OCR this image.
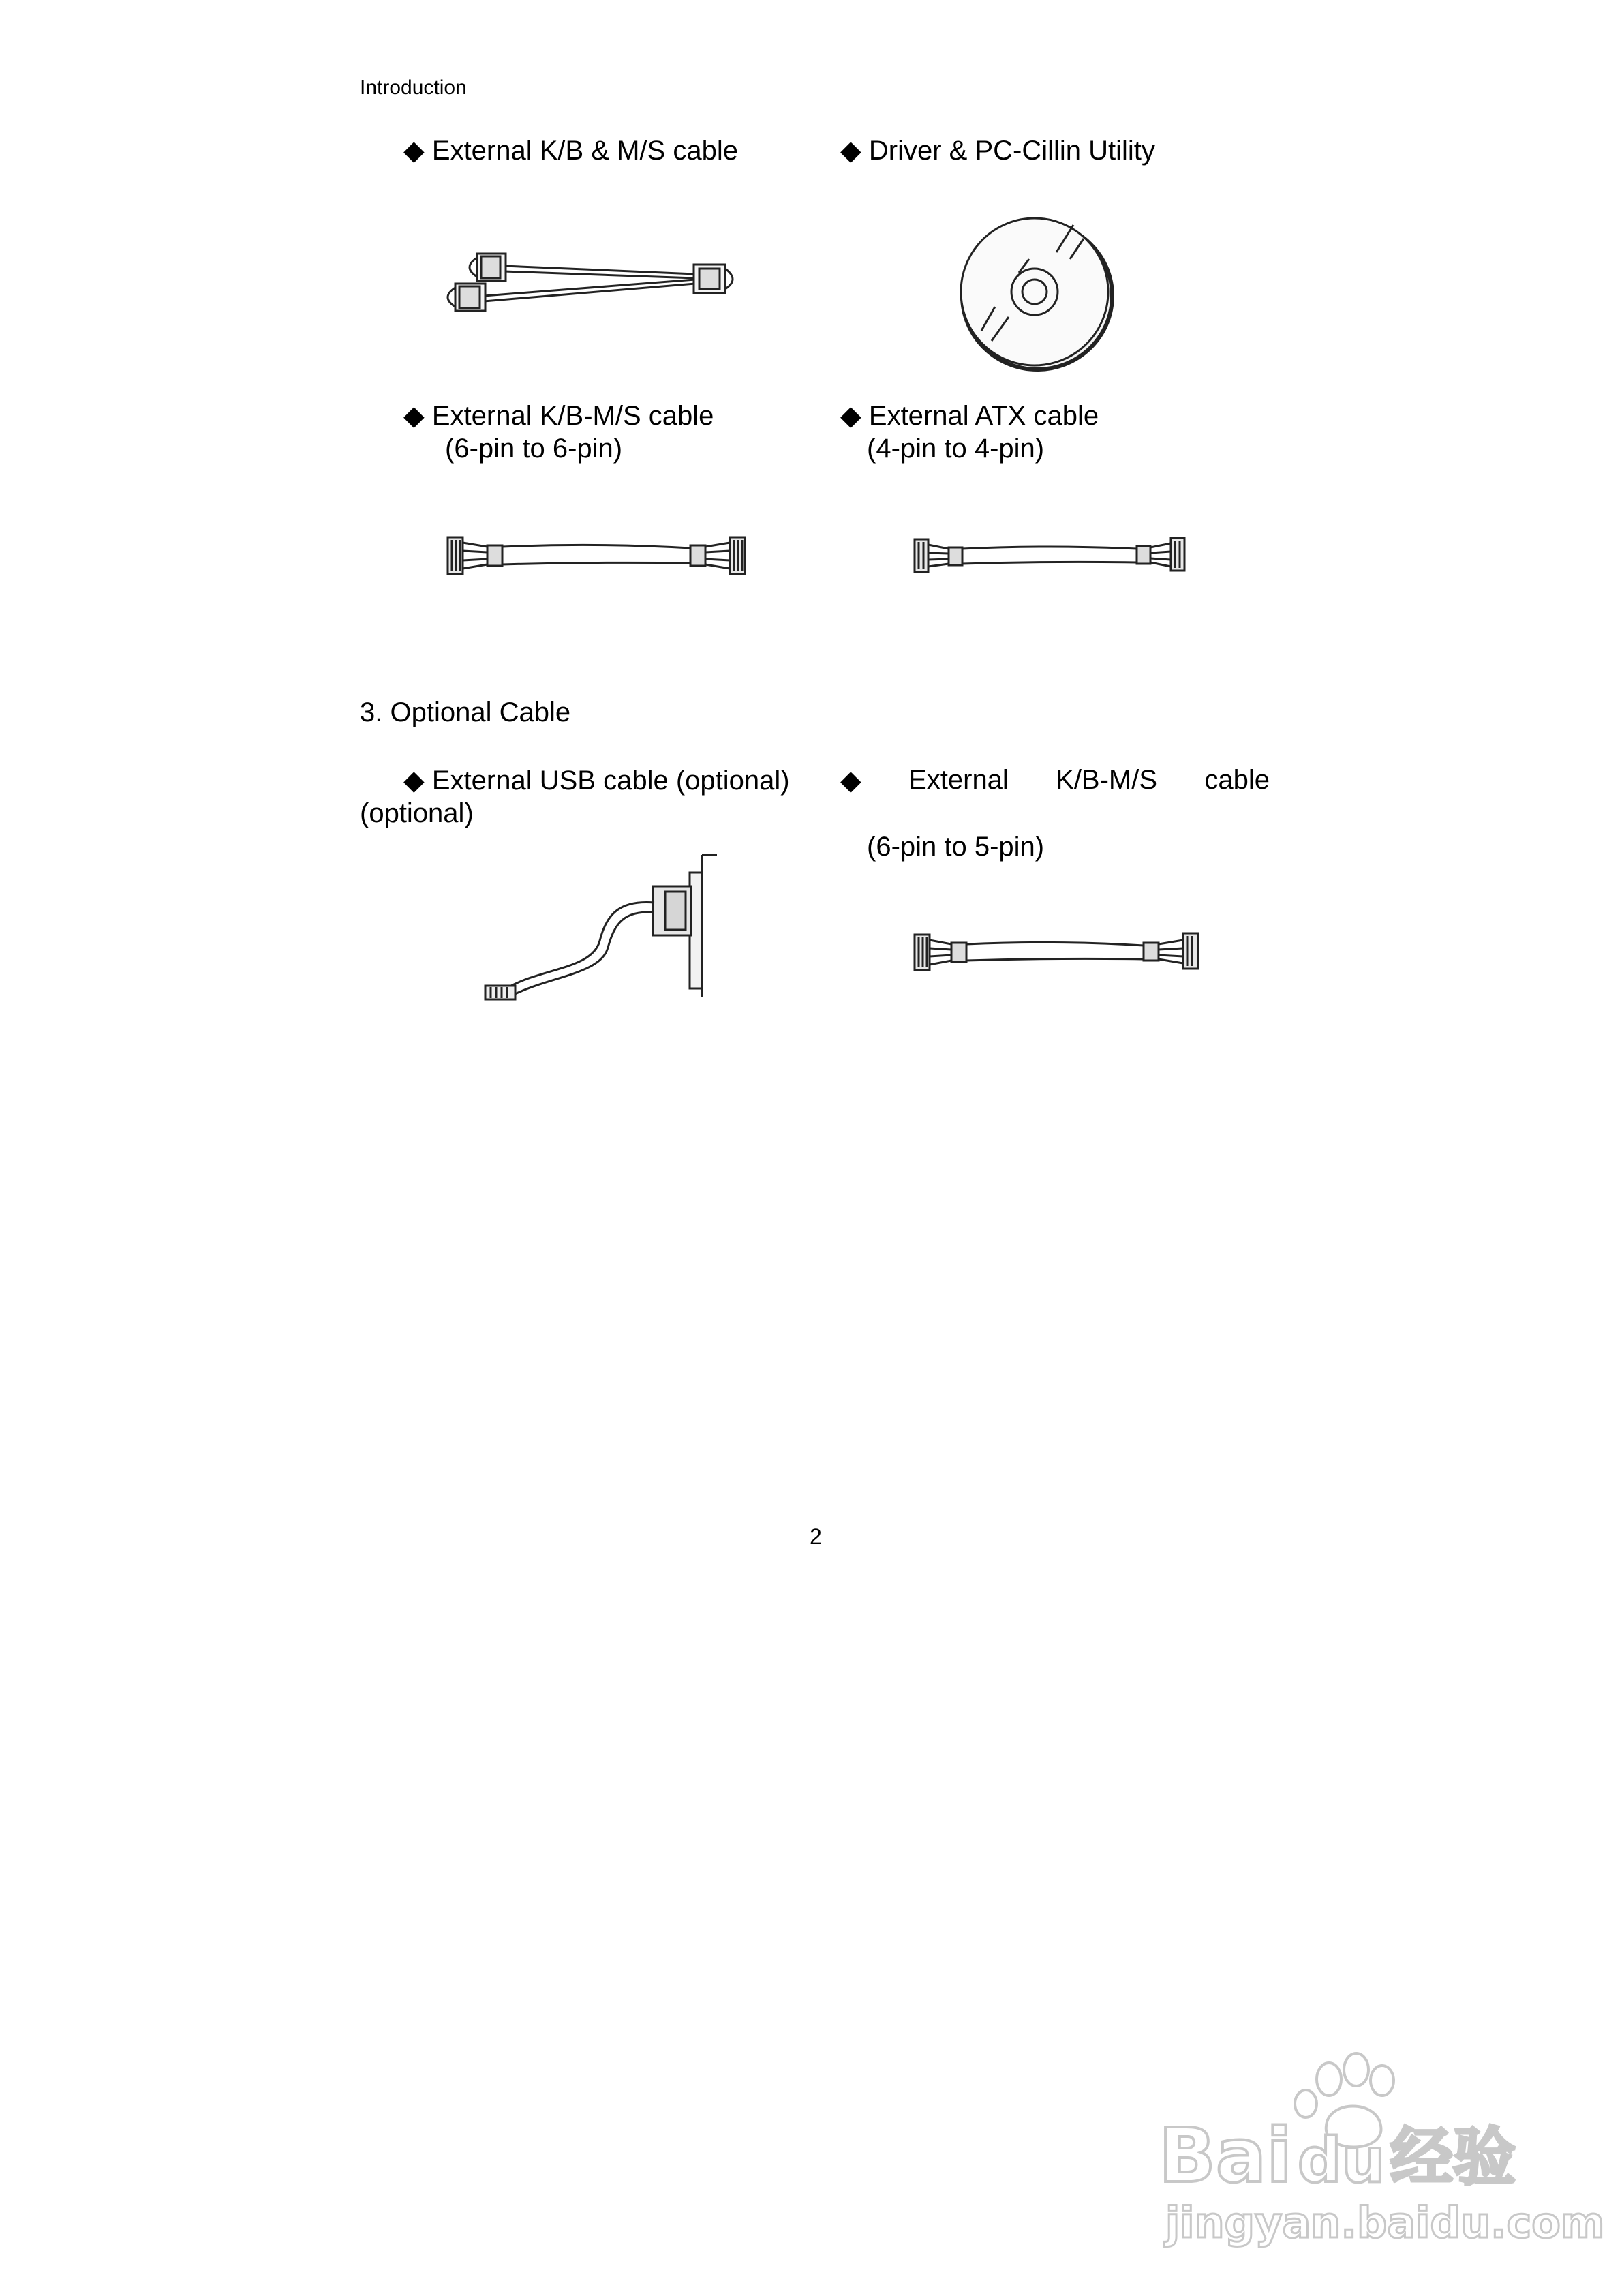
Introduction
◆ External K/B & M/S cable	◆ Driver & PC-Cillin Utility
◆ External K/B-M/S cable
(6-pin to 6-pin)
◆ External ATX cable
(4-pin to 4-pin)
3. Optional Cable
◆ External USB cable (optional)
(optional)
◆ External K/B-M/S cable
(6-pin to 5-pin)
2
Bai du 经验
jingyan.baidu.com
